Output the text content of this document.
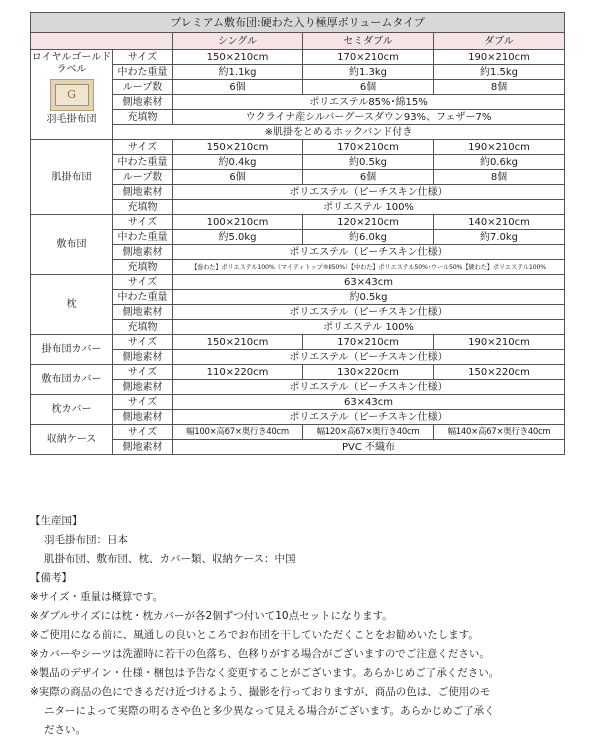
プレミアム敷布団:硬わた入り極厚ボリュームタイプ				
		シングル	セミダブル	ダブル

ロイヤルゴールド
ラベル
G
羽毛掛布団	サイズ	150×210cm	170×210cm	190×210cm
	中わた重量	約1.1kg	約1.3kg	約1.5kg
	ループ数	6個	6個	8個
	側地素材	ポリエステル85%･綿15%		
	充填物	ウクライナ産シルバーグースダウン93%、フェザー7%		
	※肌掛をとめるホックバンド付き			
肌掛布団	サイズ	150×210cm	170×210cm	190×210cm
	中わた重量	約0.4kg	約0.5kg	約0.6kg
	ループ数	6個	6個	8個
	側地素材	ポリエステル（ピーチスキン仕様）		
	充填物	ポリエステル 100%		
敷布団	サイズ	100×210cm	120×210cm	140×210cm
	中わた重量	約5.0kg	約6.0kg	約7.0kg
	側地素材	ポリエステル（ピーチスキン仕様）		
	充填物	【巻わた】ポリエステル100%（マイティトップ®Ⅱ50%）【中わた】ポリエステル50%･ウール50%【硬わた】ポリエステル100%		
枕	サイズ	63×43cm		
	中わた重量	約0.5kg		
	側地素材	ポリエステル（ピーチスキン仕様）		
	充填物	ポリエステル 100%		
掛布団カバー	サイズ	150×210cm	170×210cm	190×210cm
	側地素材	ポリエステル（ピーチスキン仕様）		
敷布団カバー	サイズ	110×220cm	130×220cm	150×220cm
	側地素材	ポリエステル（ピーチスキン仕様）		
枕カバー	サイズ	63×43cm		
	側地素材	ポリエステル（ピーチスキン仕様）		
収納ケース	サイズ	幅100×高67×奥行き40cm	幅120×高67×奥行き40cm	幅140×高67×奥行き40cm
	側地素材	PVC 不織布		
【生産国】
羽毛掛布団：日本
肌掛布団、敷布団、枕、カバー類、収納ケース：中国
【備考】
※サイズ・重量は概算です。
※ダブルサイズには枕・枕カバーが各2個ずつ付いて10点セットになります。
※ご使用になる前に、風通しの良いところでお布団を干していただくことをお勧めいたします。
※カバーやシーツは洗濯時に若干の色落ち、色移りがする場合がございますのでご注意ください。
※製品のデザイン・仕様・梱包は予告なく変更することがございます。あらかじめご了承ください。
※実際の商品の色にできるだけ近づけるよう、撮影を行っておりますが、商品の色は、ご使用のモ
ニターによって実際の明るさや色と多少異なって見える場合がございます。あらかじめご了承く
ださい。
